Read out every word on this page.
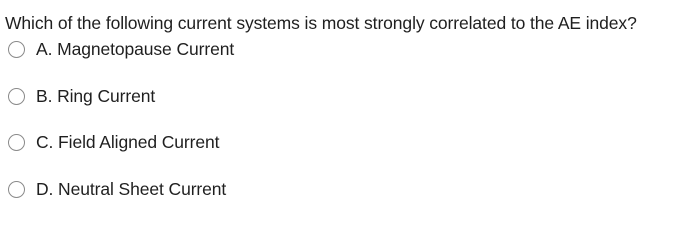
Which of the following current systems is most strongly correlated to the AE index?
A. Magnetopause Current
B. Ring Current
C. Field Aligned Current
D. Neutral Sheet Current
